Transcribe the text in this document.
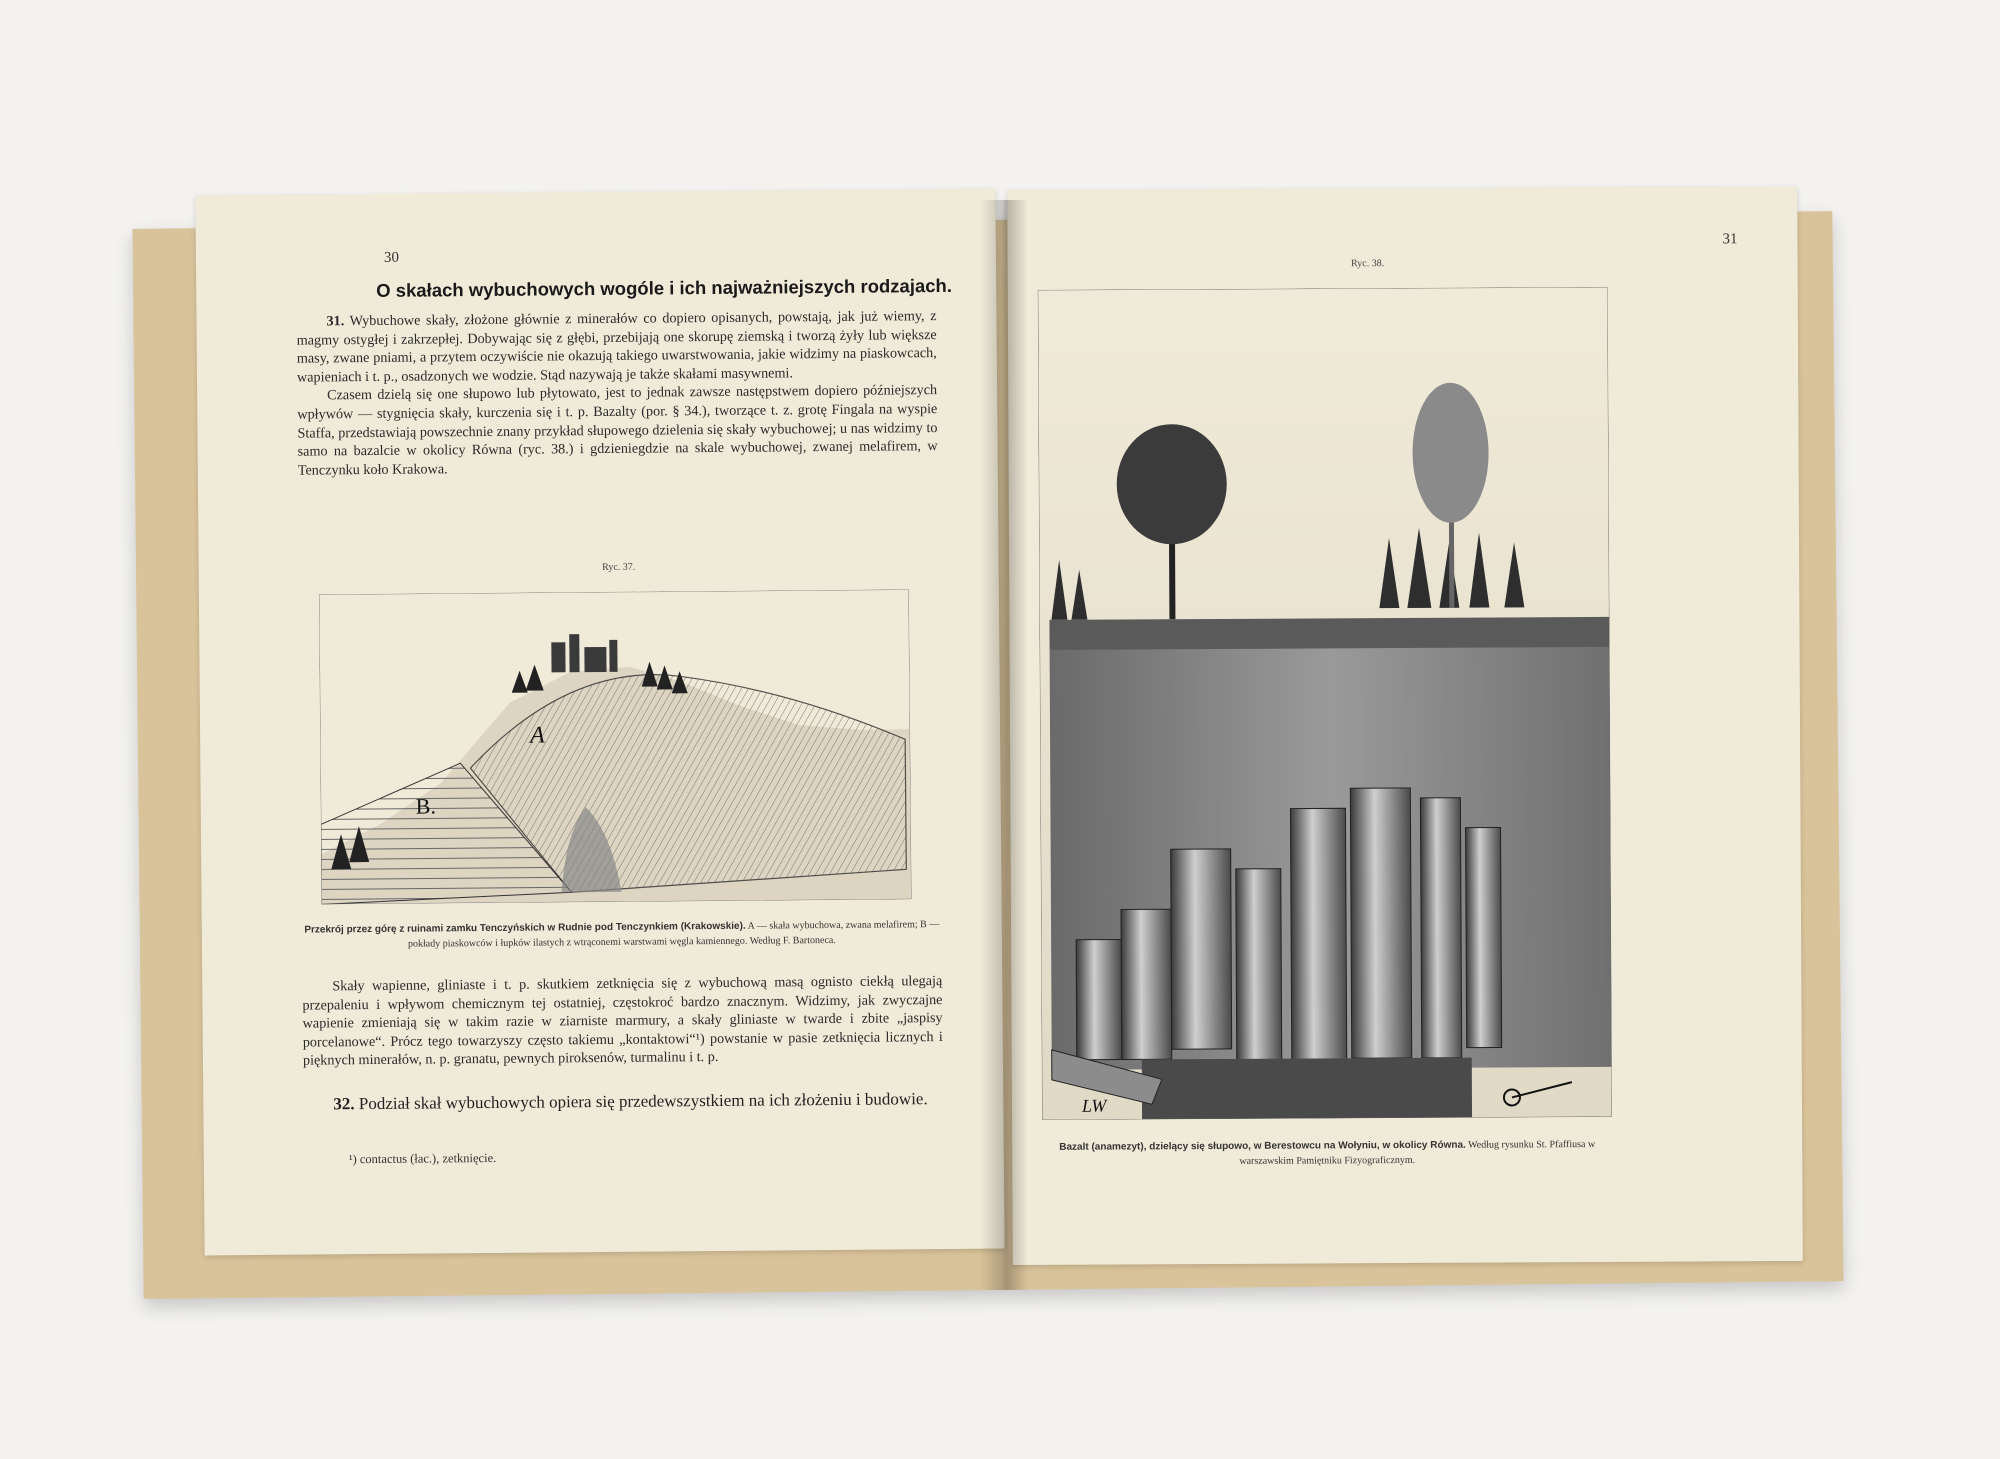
30
O skałach wybuchowych wogóle i ich najważniejszych rodzajach.

31. Wybuchowe skały, złożone głównie z minerałów co dopiero opisanych, powstają, jak już wiemy, z magmy ostygłej i zakrzepłej. Dobywając się z głębi, przebijają one skorupę ziemską i tworzą żyły lub większe masy, zwane pniami, a przytem oczywiście nie okazują takiego uwarstwowania, jakie widzimy na piaskowcach, wapieniach i t. p., osadzonych we wodzie. Stąd nazywają je także skałami masywnemi.

Czasem dzielą się one słupowo lub płytowato, jest to jednak zawsze następstwem dopiero późniejszych wpływów — stygnięcia skały, kurczenia się i t. p. Bazalty (por. § 34.), tworzące t. z. grotę Fingala na wyspie Staffa, przedstawiają powszechnie znany przykład słupowego dzielenia się skały wybuchowej; u nas widzimy to samo na bazalcie w okolicy Równa (ryc. 38.) i gdzieniegdzie na skale wybuchowej, zwanej melafirem, w Tenczynku koło Krakowa.

Ryc. 37.
A
B.
Przekrój przez górę z ruinami zamku Tenczyńskich w Rudnie pod Tenczynkiem (Krakowskie). A — skała wybuchowa, zwana melafirem; B — pokłady piaskowców i łupków ilastych z wtrąconemi warstwami węgla kamiennego. Według F. Bartoneca.

Skały wapienne, gliniaste i t. p. skutkiem zetknięcia się z wybuchową masą ognisto ciekłą ulegają przepaleniu i wpływom chemicznym tej ostatniej, częstokroć bardzo znacznym. Widzimy, jak zwyczajne wapienie zmieniają się w takim razie w ziarniste marmury, a skały gliniaste w twarde i zbite „jaspisy porcelanowe“. Prócz tego towarzyszy często takiemu „kontaktowi“¹) powstanie w pasie zetknięcia licznych i pięknych minerałów, n. p. granatu, pewnych piroksenów, turmalinu i t. p.

32. Podział skał wybuchowych opiera się przedewszystkiem na ich złożeniu i budowie.
¹) contactus (łac.), zetknięcie.
31
Ryc. 38.
LW
Bazalt (anamezyt), dzielący się słupowo, w Berestowcu na Wołyniu, w okolicy Równa. Według rysunku St. Pfaffiusa w warszawskim Pamiętniku Fizyograficznym.
